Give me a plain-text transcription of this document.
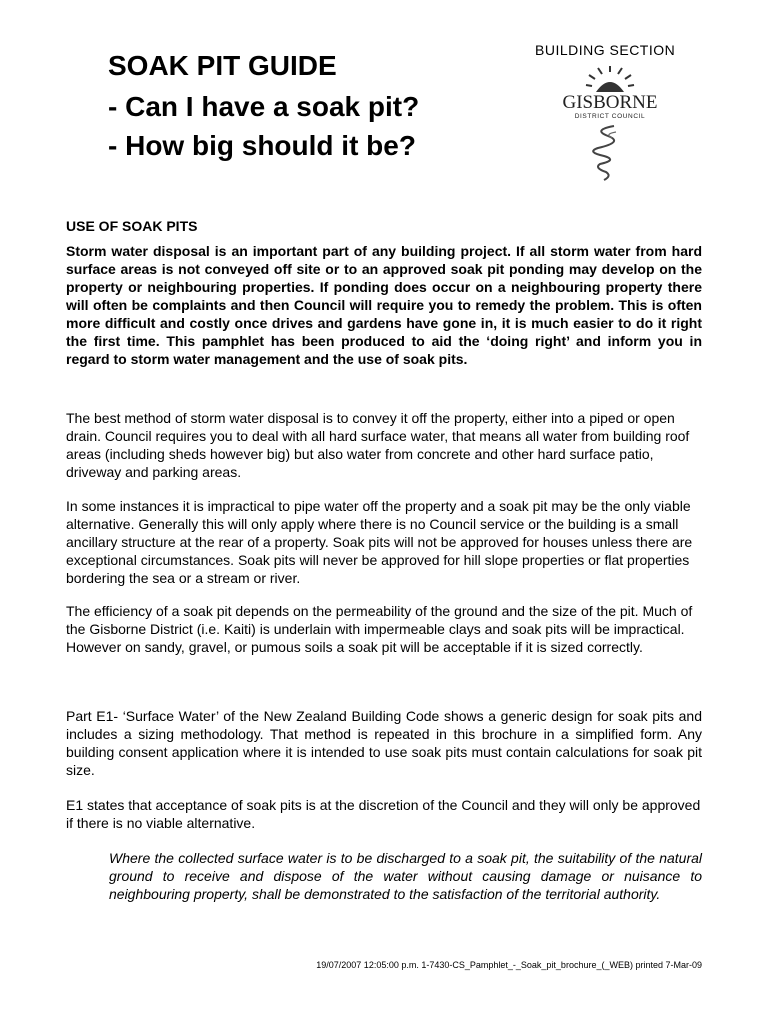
BUILDING SECTION
GISBORNE
DISTRICT COUNCIL
SOAK PIT GUIDE
- Can I have a soak pit?
- How big should it be?
USE OF SOAK PITS
Storm water disposal is an important part of any building project. If all storm water from hard surface areas is not conveyed off site or to an approved soak pit ponding may develop on the property or neighbouring properties. If ponding does occur on a neighbouring property there will often be complaints and then Council will require you to remedy the problem. This is often more difficult and costly once drives and gardens have gone in, it is much easier to do it right the first time. This pamphlet has been produced to aid the ‘doing right’ and inform you in regard to storm water management and the use of soak pits.
The best method of storm water disposal is to convey it off the property, either into a piped or open drain. Council requires you to deal with all hard surface water, that means all water from building roof areas (including sheds however big) but also water from concrete and other hard surface patio, driveway and parking areas.
In some instances it is impractical to pipe water off the property and a soak pit may be the only viable alternative. Generally this will only apply where there is no Council service or the building is a small ancillary structure at the rear of a property. Soak pits will not be approved for houses unless there are exceptional circumstances. Soak pits will never be approved for hill slope properties or flat properties bordering the sea or a stream or river.
The efficiency of a soak pit depends on the permeability of the ground and the size of the pit. Much of the Gisborne District (i.e. Kaiti) is underlain with impermeable clays and soak pits will be impractical. However on sandy, gravel, or pumous soils a soak pit will be acceptable if it is sized correctly.
Part E1- ‘Surface Water’ of the New Zealand Building Code shows a generic design for soak pits and includes a sizing methodology. That method is repeated in this brochure in a simplified form. Any building consent application where it is intended to use soak pits must contain calculations for soak pit size.
E1 states that acceptance of soak pits is at the discretion of the Council and they will only be approved if there is no viable alternative.
Where the collected surface water is to be discharged to a soak pit, the suitability of the natural ground to receive and dispose of the water without causing damage or nuisance to neighbouring property, shall be demonstrated to the satisfaction of the territorial authority.
19/07/2007 12:05:00 p.m. 1-7430-CS_Pamphlet_-_Soak_pit_brochure_(_WEB) printed 7-Mar-09
